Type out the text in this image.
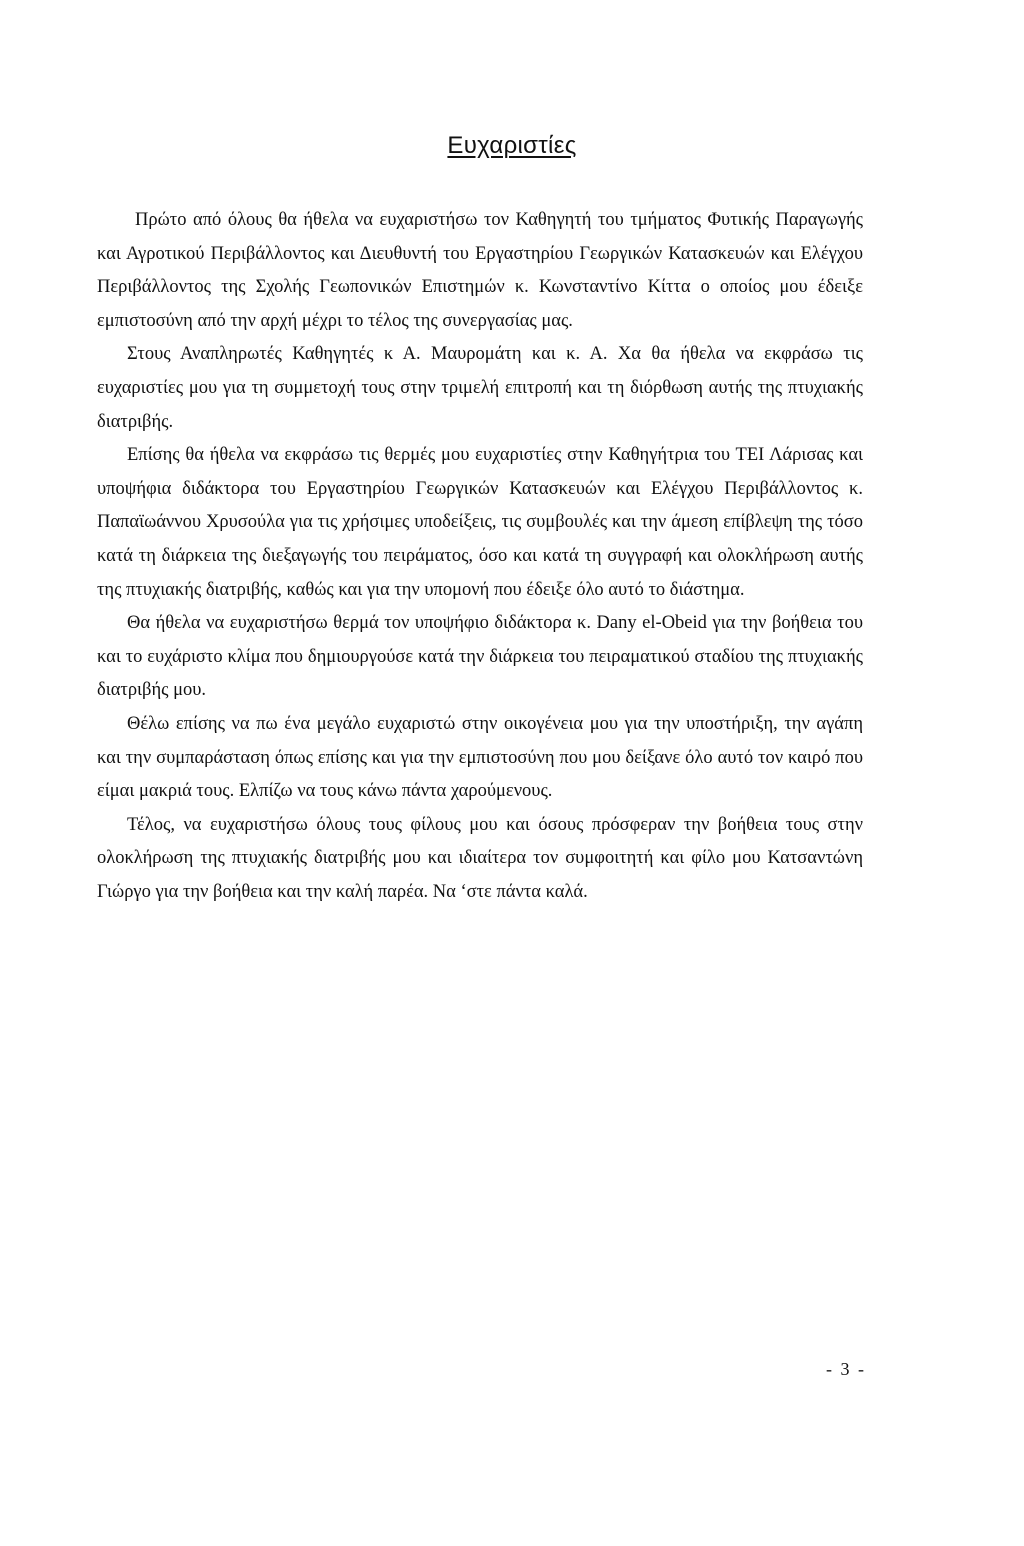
Ευχαριστίες

Πρώτο από όλους θα ήθελα να ευχαριστήσω τον Καθηγητή του τμήματος Φυτικής Παραγωγής και Αγροτικού Περιβάλλοντος και Διευθυντή του Εργαστηρίου Γεωργικών Κατασκευών και Ελέγχου Περιβάλλοντος της Σχολής Γεωπονικών Επιστημών κ. Κωνσταντίνο Κίττα ο οποίος μου έδειξε εμπιστοσύνη από την αρχή μέχρι το τέλος της συνεργασίας μας.

Στους Αναπληρωτές Καθηγητές κ Α. Μαυρομάτη και κ. Α. Χα θα ήθελα να εκφράσω τις ευχαριστίες μου για τη συμμετοχή τους στην τριμελή επιτροπή και τη διόρθωση αυτής της πτυχιακής διατριβής.

Επίσης θα ήθελα να εκφράσω τις θερμές μου ευχαριστίες στην Καθηγήτρια του ΤΕΙ Λάρισας και υποψήφια διδάκτορα του Εργαστηρίου Γεωργικών Κατασκευών και Ελέγχου Περιβάλλοντος κ. Παπαϊωάννου Χρυσούλα για τις χρήσιμες υποδείξεις, τις συμβουλές και την άμεση επίβλεψη της τόσο κατά τη διάρκεια της διεξαγωγής του πειράματος, όσο και κατά τη συγγραφή και ολοκλήρωση αυτής της πτυχιακής διατριβής, καθώς και για την υπομονή που έδειξε όλο αυτό το διάστημα.

Θα ήθελα να ευχαριστήσω θερμά τον υποψήφιο διδάκτορα κ. Dany el-Obeid για την βοήθεια του και το ευχάριστο κλίμα που δημιουργούσε κατά την διάρκεια του πειραματικού σταδίου της πτυχιακής διατριβής μου.

Θέλω επίσης να πω ένα μεγάλο ευχαριστώ στην οικογένεια μου για την υποστήριξη, την αγάπη και την συμπαράσταση όπως επίσης και για την εμπιστοσύνη που μου δείξανε όλο αυτό τον καιρό που είμαι μακριά τους. Ελπίζω να τους κάνω πάντα χαρούμενους.

Τέλος, να ευχαριστήσω όλους τους φίλους μου και όσους πρόσφεραν την βοήθεια τους στην ολοκλήρωση της πτυχιακής διατριβής μου και ιδιαίτερα τον συμφοιτητή και φίλο μου Κατσαντώνη Γιώργο για την βοήθεια και την καλή παρέα. Να ‘στε πάντα καλά.

- 3 -
